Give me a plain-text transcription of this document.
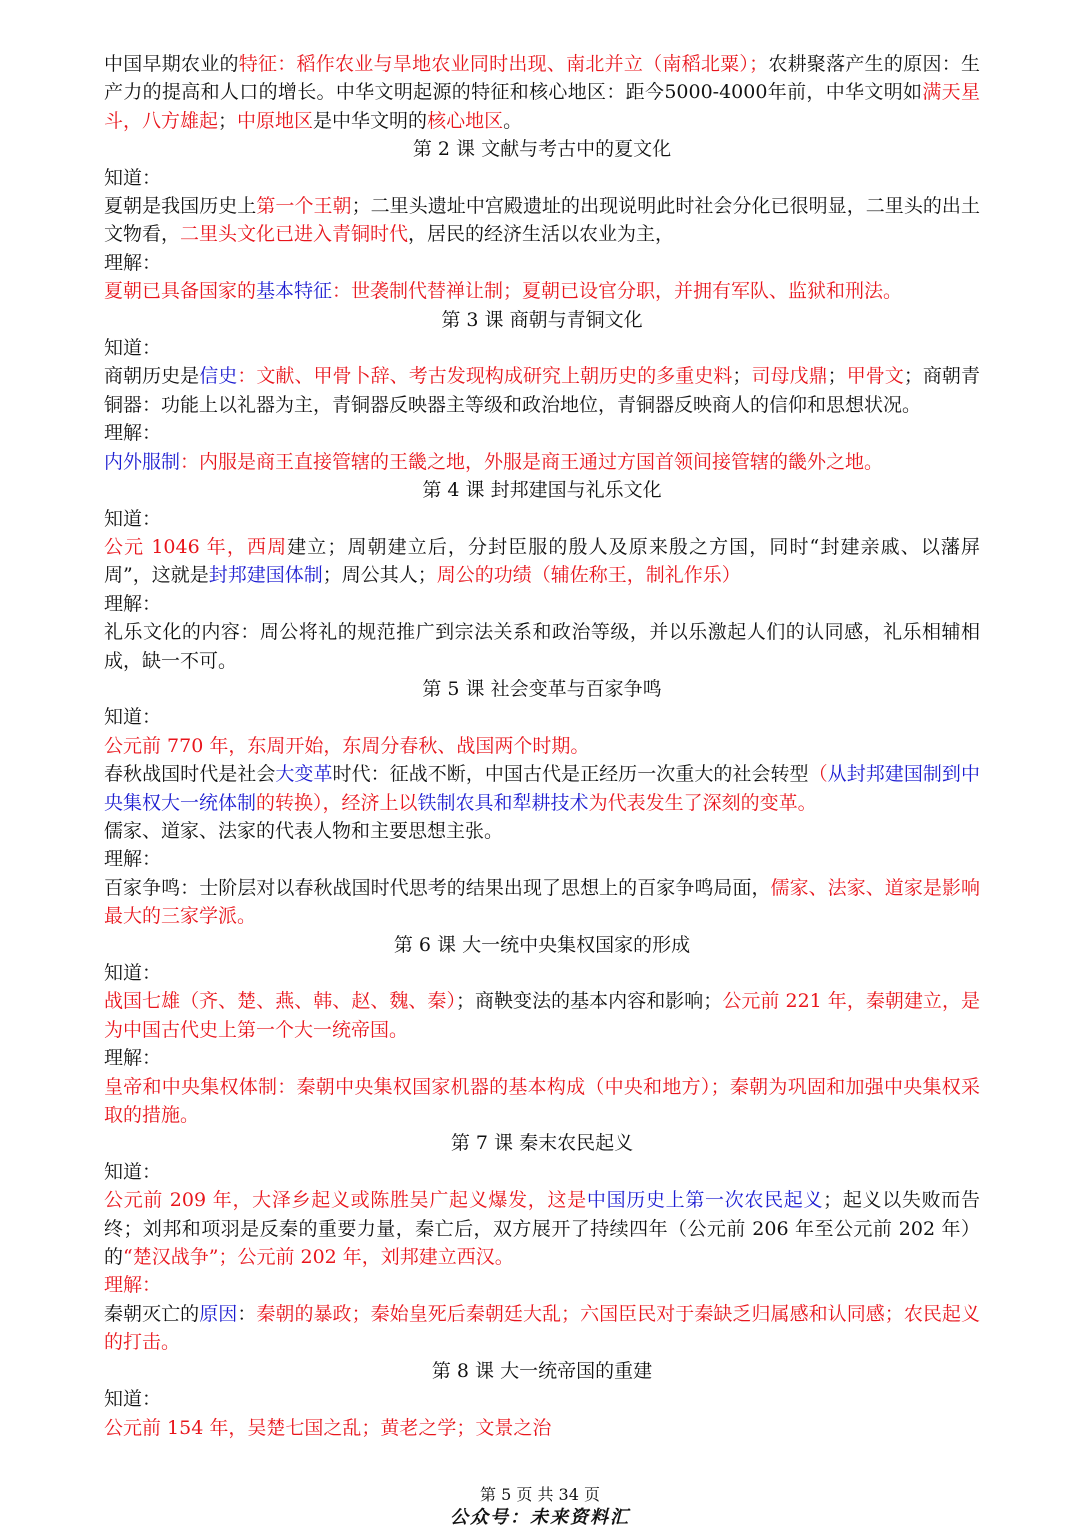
中国早期农业的特征：稻作农业与旱地农业同时出现、南北并立（南稻北粟）；农耕聚落产生的原因：生产力的提高和人口的增长。中华文明起源的特征和核心地区：距今5000-4000年前，中华文明如满天星斗，八方雄起；中原地区是中华文明的核心地区。

第 2 课 文献与考古中的夏文化

知道：

夏朝是我国历史上第一个王朝；二里头遗址中宫殿遗址的出现说明此时社会分化已很明显，二里头的出土文物看，二里头文化已进入青铜时代，居民的经济生活以农业为主，

理解：

夏朝已具备国家的基本特征：世袭制代替禅让制；夏朝已设官分职，并拥有军队、监狱和刑法。

第 3 课 商朝与青铜文化

知道：

商朝历史是信史：文献、甲骨卜辞、考古发现构成研究上朝历史的多重史料；司母戊鼎；甲骨文；商朝青铜器：功能上以礼器为主，青铜器反映器主等级和政治地位，青铜器反映商人的信仰和思想状况。

理解：

内外服制：内服是商王直接管辖的王畿之地，外服是商王通过方国首领间接管辖的畿外之地。

第 4 课 封邦建国与礼乐文化

知道：

公元 1046 年，西周建立；周朝建立后，分封臣服的殷人及原来殷之方国，同时“封建亲戚、以藩屏周”，这就是封邦建国体制；周公其人；周公的功绩（辅佐称王，制礼作乐）

理解：

礼乐文化的内容：周公将礼的规范推广到宗法关系和政治等级，并以乐激起人们的认同感，礼乐相辅相成，缺一不可。

第 5 课 社会变革与百家争鸣

知道：

公元前 770 年，东周开始，东周分春秋、战国两个时期。

春秋战国时代是社会大变革时代：征战不断，中国古代是正经历一次重大的社会转型（从封邦建国制到中央集权大一统体制的转换），经济上以铁制农具和犁耕技术为代表发生了深刻的变革。

儒家、道家、法家的代表人物和主要思想主张。

理解：

百家争鸣：士阶层对以春秋战国时代思考的结果出现了思想上的百家争鸣局面，儒家、法家、道家是影响最大的三家学派。

第 6 课 大一统中央集权国家的形成

知道：

战国七雄（齐、楚、燕、韩、赵、魏、秦）；商鞅变法的基本内容和影响；公元前 221 年，秦朝建立，是为中国古代史上第一个大一统帝国。

理解：

皇帝和中央集权体制：秦朝中央集权国家机器的基本构成（中央和地方）；秦朝为巩固和加强中央集权采取的措施。

第 7 课 秦末农民起义

知道：

公元前 209 年，大泽乡起义或陈胜吴广起义爆发，这是中国历史上第一次农民起义；起义以失败而告终；刘邦和项羽是反秦的重要力量，秦亡后，双方展开了持续四年（公元前 206 年至公元前 202 年）的“楚汉战争”；公元前 202 年，刘邦建立西汉。

理解：

秦朝灭亡的原因：秦朝的暴政；秦始皇死后秦朝廷大乱；六国臣民对于秦缺乏归属感和认同感；农民起义的打击。

第 8 课 大一统帝国的重建

知道：

公元前 154 年，吴楚七国之乱；黄老之学；文景之治

第 5 页 共 34 页
公众号：未来资料汇
